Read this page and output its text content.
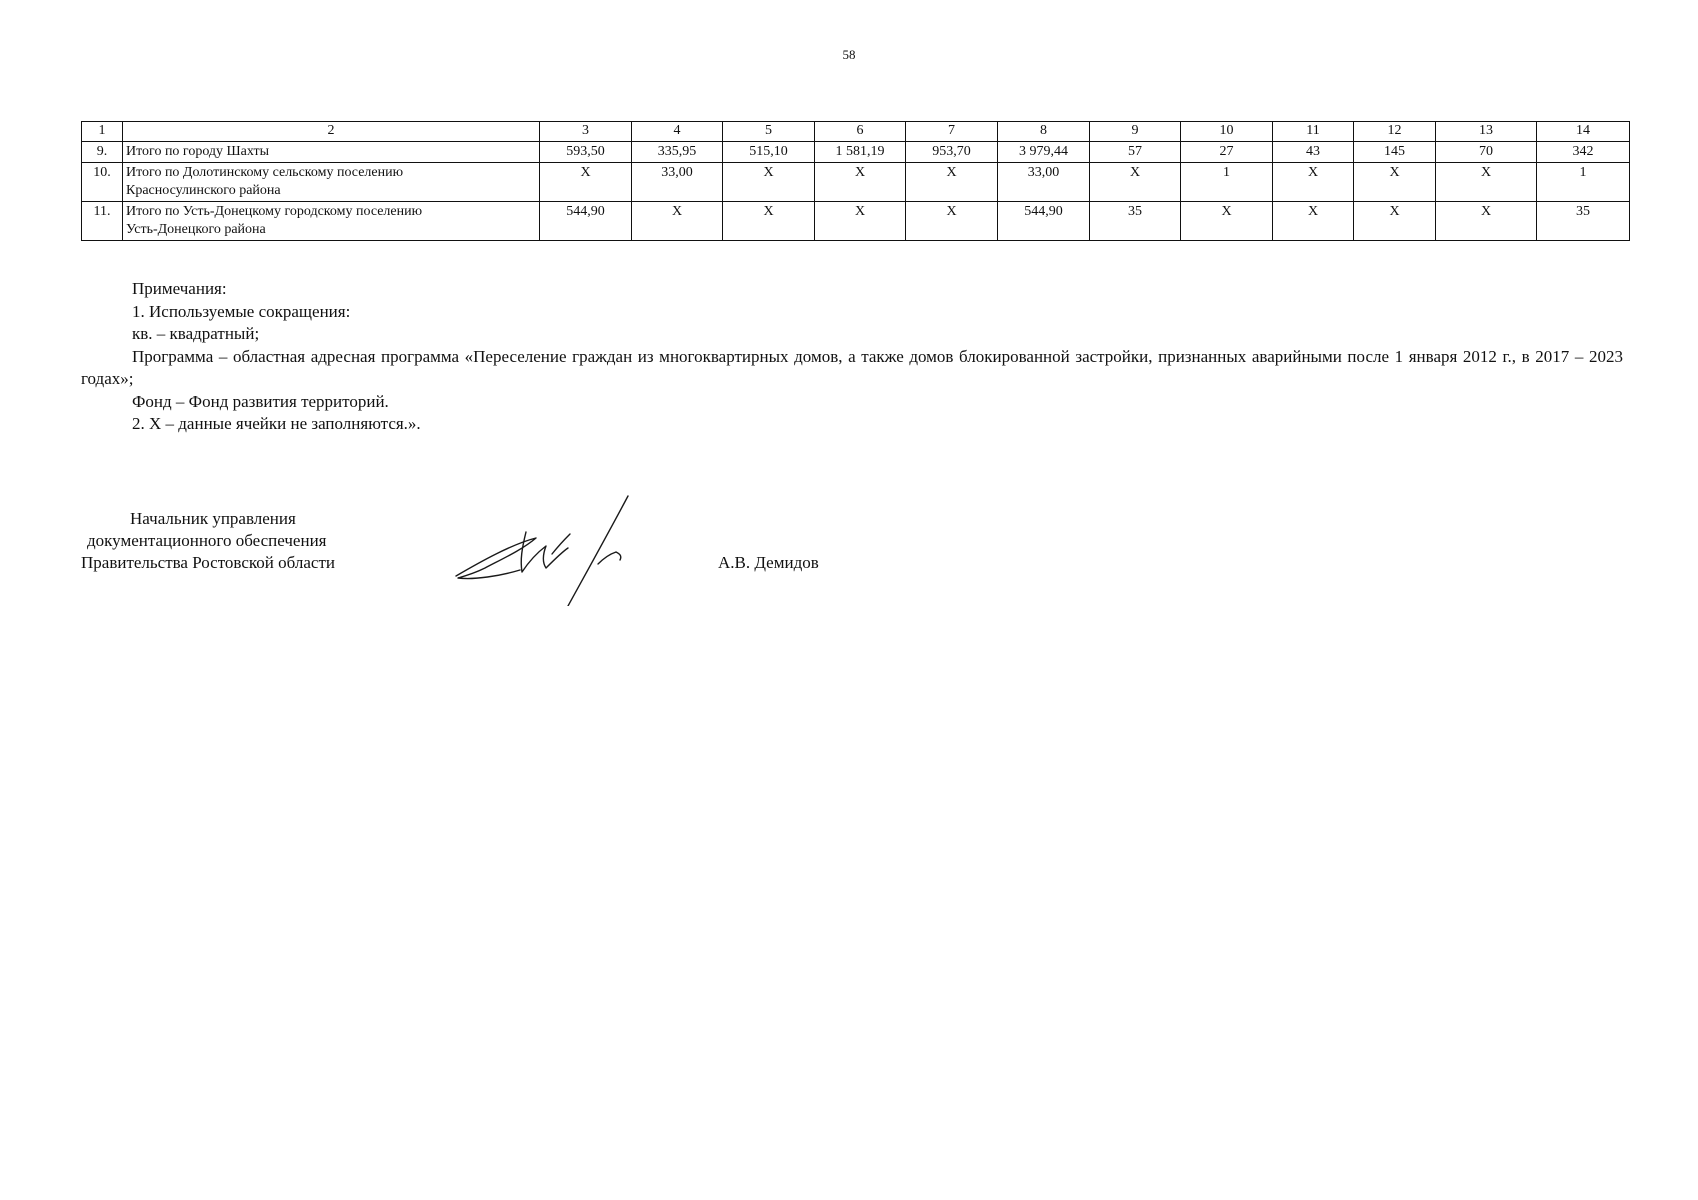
58
1	2	3	4	5	6	7	8	9	10	11	12	13	14
9.	Итого по городу Шахты	593,50	335,95	515,10	1 581,19	953,70	3 979,44	57	27	43	145	70	342
10.	Итого по Долотинскому сельскому поселению
Красносулинского района	X	33,00	X	X	X	33,00	X	1	X	X	X	1
11.	Итого по Усть-Донецкому городскому поселению
Усть-Донецкого района	544,90	X	X	X	X	544,90	35	X	X	X	X	35

Примечания:

1. Используемые сокращения:

кв. – квадратный;

Программа – областная адресная программа «Переселение граждан из многоквартирных домов, а также домов блокированной застройки, признанных аварийными после 1 января 2012 г., в 2017 – 2023 годах»;

Фонд – Фонд развития территорий.

2. Х – данные ячейки не заполняются.».

Начальник управления
документационного обеспечения
Правительства Ростовской области	А.В. Демидов
